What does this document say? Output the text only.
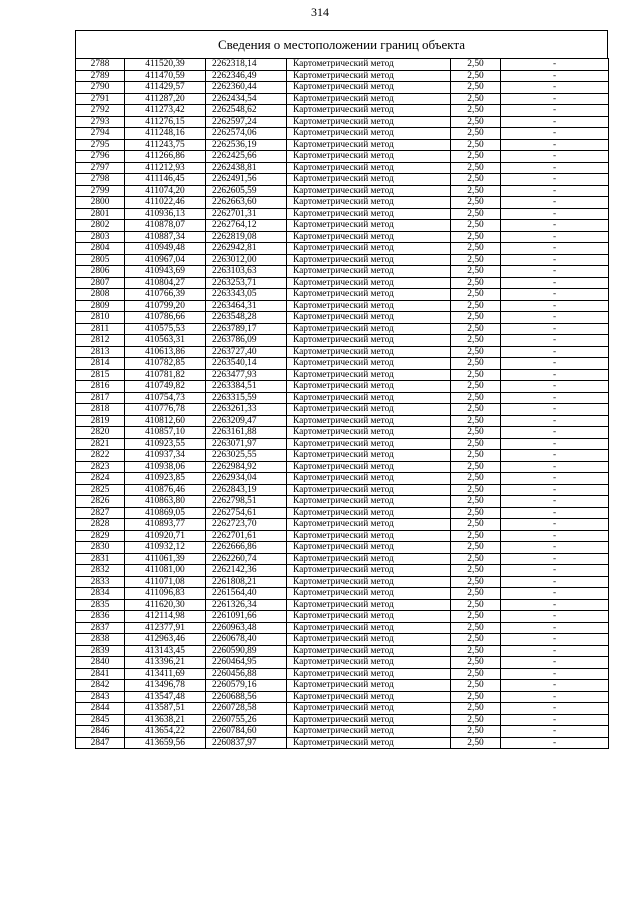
314
Сведения о местоположении границ объекта
2788	411520,39	2262318,14	Картометрический метод	2,50	-
2789	411470,59	2262346,49	Картометрический метод	2,50	-
2790	411429,57	2262360,44	Картометрический метод	2,50	-
2791	411287,20	2262434,54	Картометрический метод	2,50	-
2792	411273,42	2262548,62	Картометрический метод	2,50	-
2793	411276,15	2262597,24	Картометрический метод	2,50	-
2794	411248,16	2262574,06	Картометрический метод	2,50	-
2795	411243,75	2262536,19	Картометрический метод	2,50	-
2796	411266,86	2262425,66	Картометрический метод	2,50	-
2797	411212,93	2262438,81	Картометрический метод	2,50	-
2798	411146,45	2262491,56	Картометрический метод	2,50	-
2799	411074,20	2262605,59	Картометрический метод	2,50	-
2800	411022,46	2262663,60	Картометрический метод	2,50	-
2801	410936,13	2262701,31	Картометрический метод	2,50	-
2802	410878,07	2262764,12	Картометрический метод	2,50	-
2803	410887,34	2262819,08	Картометрический метод	2,50	-
2804	410949,48	2262942,81	Картометрический метод	2,50	-
2805	410967,04	2263012,00	Картометрический метод	2,50	-
2806	410943,69	2263103,63	Картометрический метод	2,50	-
2807	410804,27	2263253,71	Картометрический метод	2,50	-
2808	410766,39	2263343,05	Картометрический метод	2,50	-
2809	410799,20	2263464,31	Картометрический метод	2,50	-
2810	410786,66	2263548,28	Картометрический метод	2,50	-
2811	410575,53	2263789,17	Картометрический метод	2,50	-
2812	410563,31	2263786,09	Картометрический метод	2,50	-
2813	410613,86	2263727,40	Картометрический метод	2,50	-
2814	410782,85	2263540,14	Картометрический метод	2,50	-
2815	410781,82	2263477,93	Картометрический метод	2,50	-
2816	410749,82	2263384,51	Картометрический метод	2,50	-
2817	410754,73	2263315,59	Картометрический метод	2,50	-
2818	410776,78	2263261,33	Картометрический метод	2,50	-
2819	410812,60	2263209,47	Картометрический метод	2,50	-
2820	410857,10	2263161,88	Картометрический метод	2,50	-
2821	410923,55	2263071,97	Картометрический метод	2,50	-
2822	410937,34	2263025,55	Картометрический метод	2,50	-
2823	410938,06	2262984,92	Картометрический метод	2,50	-
2824	410923,85	2262934,04	Картометрический метод	2,50	-
2825	410876,46	2262843,19	Картометрический метод	2,50	-
2826	410863,80	2262798,51	Картометрический метод	2,50	-
2827	410869,05	2262754,61	Картометрический метод	2,50	-
2828	410893,77	2262723,70	Картометрический метод	2,50	-
2829	410920,71	2262701,61	Картометрический метод	2,50	-
2830	410932,12	2262666,86	Картометрический метод	2,50	-
2831	411061,39	2262260,74	Картометрический метод	2,50	-
2832	411081,00	2262142,36	Картометрический метод	2,50	-
2833	411071,08	2261808,21	Картометрический метод	2,50	-
2834	411096,83	2261564,40	Картометрический метод	2,50	-
2835	411620,30	2261326,34	Картометрический метод	2,50	-
2836	412114,98	2261091,66	Картометрический метод	2,50	-
2837	412377,91	2260963,48	Картометрический метод	2,50	-
2838	412963,46	2260678,40	Картометрический метод	2,50	-
2839	413143,45	2260590,89	Картометрический метод	2,50	-
2840	413396,21	2260464,95	Картометрический метод	2,50	-
2841	413411,69	2260456,88	Картометрический метод	2,50	-
2842	413496,78	2260579,16	Картометрический метод	2,50	-
2843	413547,48	2260688,56	Картометрический метод	2,50	-
2844	413587,51	2260728,58	Картометрический метод	2,50	-
2845	413638,21	2260755,26	Картометрический метод	2,50	-
2846	413654,22	2260784,60	Картометрический метод	2,50	-
2847	413659,56	2260837,97	Картометрический метод	2,50	-
